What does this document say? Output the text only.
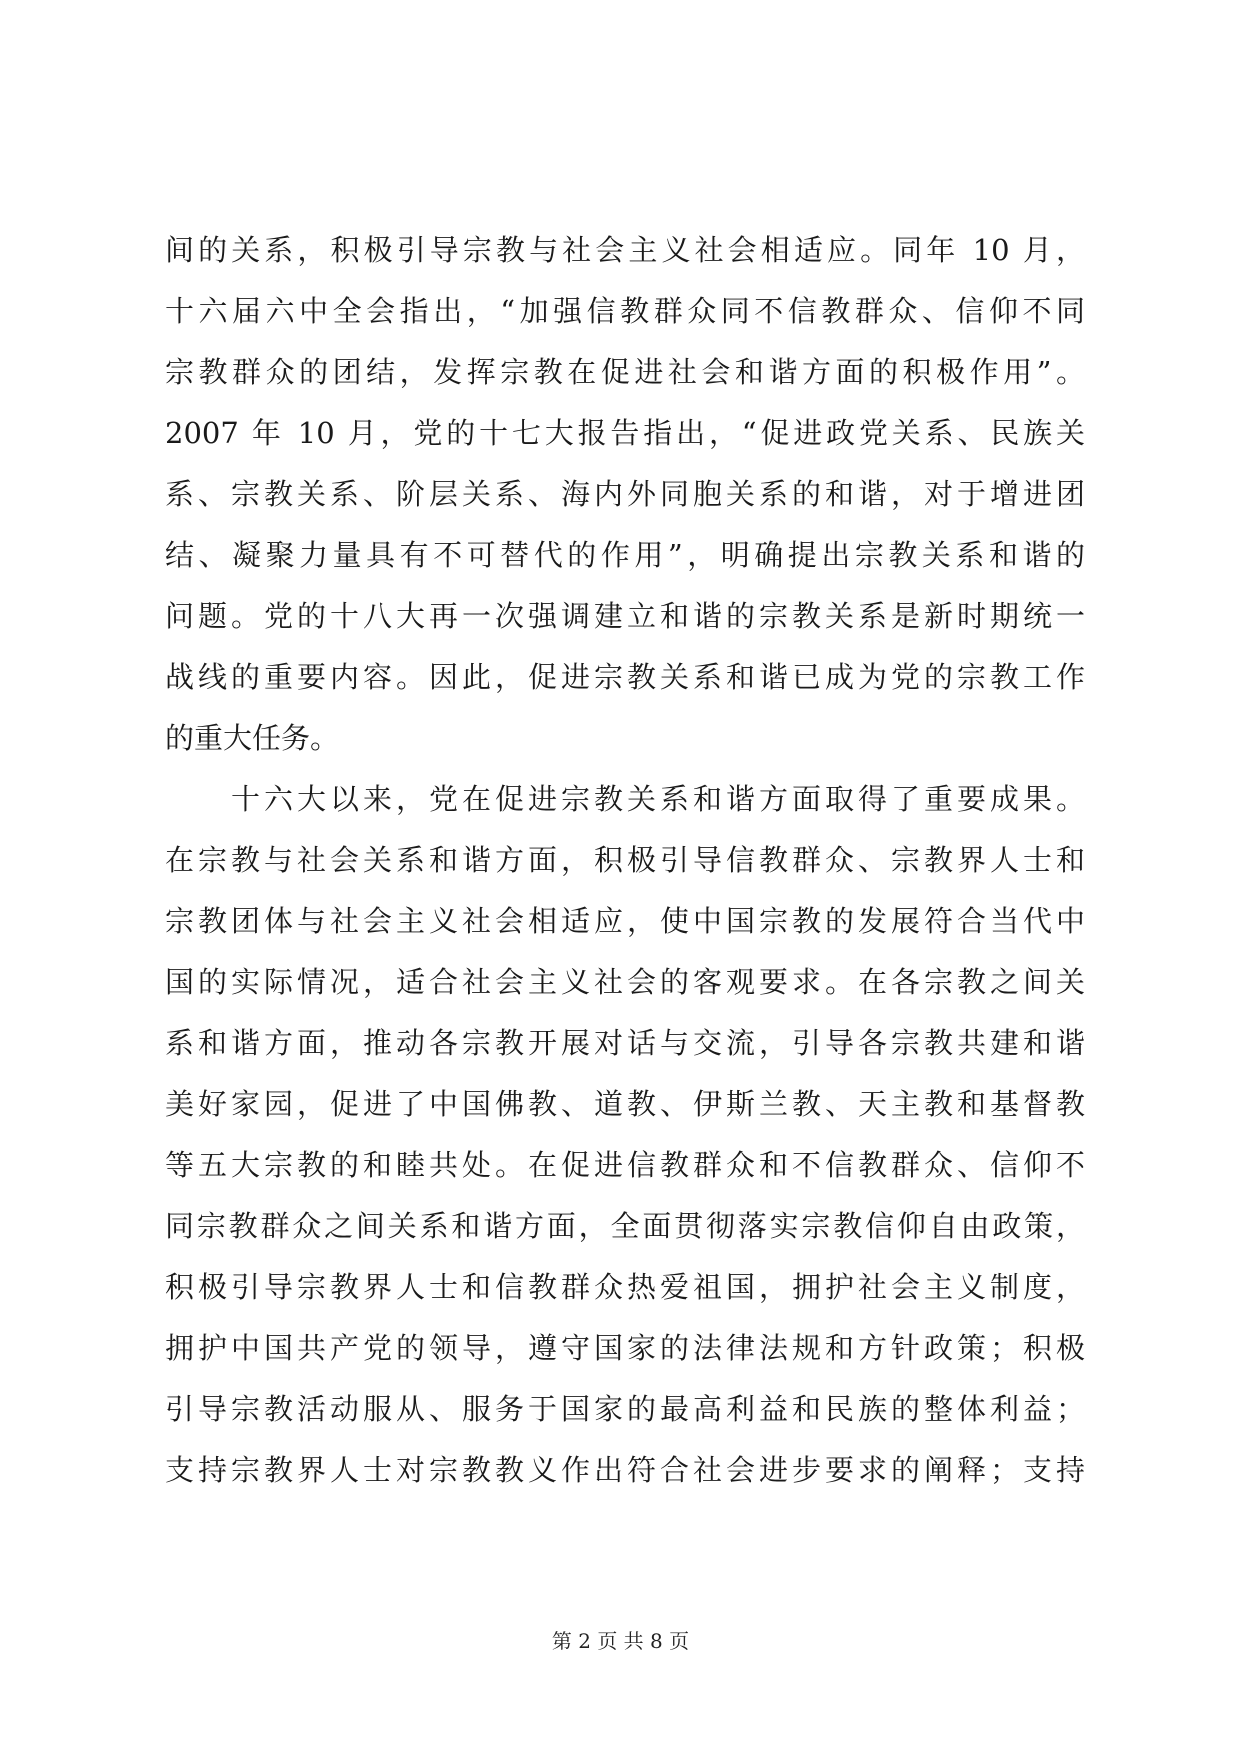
间的关系，积极引导宗教与社会主义社会相适应。同年 10 月，
十六届六中全会指出，“加强信教群众同不信教群众、信仰不同
宗教群众的团结，发挥宗教在促进社会和谐方面的积极作用”。
2007 年 10 月，党的十七大报告指出，“促进政党关系、民族关
系、宗教关系、阶层关系、海内外同胞关系的和谐，对于增进团
结、凝聚力量具有不可替代的作用”，明确提出宗教关系和谐的
问题。党的十八大再一次强调建立和谐的宗教关系是新时期统一
战线的重要内容。因此，促进宗教关系和谐已成为党的宗教工作
的重大任务。
十六大以来，党在促进宗教关系和谐方面取得了重要成果。
在宗教与社会关系和谐方面，积极引导信教群众、宗教界人士和
宗教团体与社会主义社会相适应，使中国宗教的发展符合当代中
国的实际情况，适合社会主义社会的客观要求。在各宗教之间关
系和谐方面，推动各宗教开展对话与交流，引导各宗教共建和谐
美好家园，促进了中国佛教、道教、伊斯兰教、天主教和基督教
等五大宗教的和睦共处。在促进信教群众和不信教群众、信仰不
同宗教群众之间关系和谐方面，全面贯彻落实宗教信仰自由政策，
积极引导宗教界人士和信教群众热爱祖国，拥护社会主义制度，
拥护中国共产党的领导，遵守国家的法律法规和方针政策；积极
引导宗教活动服从、服务于国家的最高利益和民族的整体利益；
支持宗教界人士对宗教教义作出符合社会进步要求的阐释；支持
第 2 页 共 8 页
